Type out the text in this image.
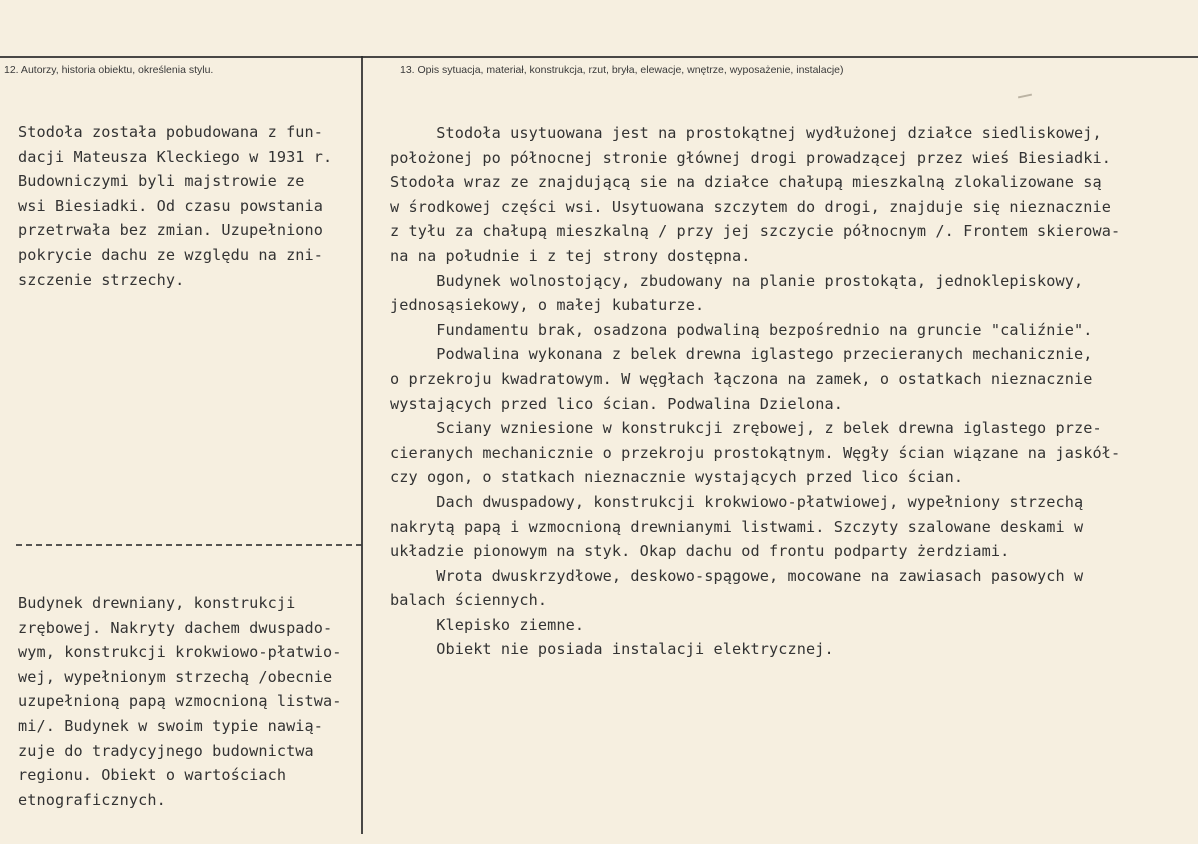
12. Autorzy, historia obiektu, określenia stylu.	13. Opis sytuacja, materiał, konstrukcja, rzut, bryła, elewacje, wnętrze, wyposażenie, instalacje)
Stodoła została pobudowana z fun-
dacji Mateusza Kleckiego w 1931 r.
Budowniczymi byli majstrowie ze
wsi Biesiadki. Od czasu powstania
przetrwała bez zmian. Uzupełniono
pokrycie dachu ze względu na zni-
szczenie strzechy.
Budynek drewniany, konstrukcji
zrębowej. Nakryty dachem dwuspado-
wym, konstrukcji krokwiowo-płatwio-
wej, wypełnionym strzechą /obecnie
uzupełnioną papą wzmocnioną listwa-
mi/. Budynek w swoim typie nawią-
zuje do tradycyjnego budownictwa
regionu. Obiekt o wartościach
etnograficznych.
Stodoła usytuowana jest na prostokątnej wydłużonej działce siedliskowej,
położonej po północnej stronie głównej drogi prowadzącej przez wieś Biesiadki.
Stodoła wraz ze znajdującą sie na działce chałupą mieszkalną zlokalizowane są
w środkowej części wsi. Usytuowana szczytem do drogi, znajduje się nieznacznie
z tyłu za chałupą mieszkalną / przy jej szczycie północnym /. Frontem skierowa-
na na południe i z tej strony dostępna.
Budynek wolnostojący, zbudowany na planie prostokąta, jednoklepiskowy,
jednosąsiekowy, o małej kubaturze.
Fundamentu brak, osadzona podwaliną bezpośrednio na gruncie "caliźnie".
Podwalina wykonana z belek drewna iglastego przecieranych mechanicznie,
o przekroju kwadratowym. W węgłach łączona na zamek, o ostatkach nieznacznie
wystających przed lico ścian. Podwalina Dzielona.
Sciany wzniesione w konstrukcji zrębowej, z belek drewna iglastego prze-
cieranych mechanicznie o przekroju prostokątnym. Węgły ścian wiązane na jaskół-
czy ogon, o statkach nieznacznie wystających przed lico ścian.
Dach dwuspadowy, konstrukcji krokwiowo-płatwiowej, wypełniony strzechą
nakrytą papą i wzmocnioną drewnianymi listwami. Szczyty szalowane deskami w
układzie pionowym na styk. Okap dachu od frontu podparty żerdziami.
Wrota dwuskrzydłowe, deskowo-spągowe, mocowane na zawiasach pasowych w
balach ściennych.
Klepisko ziemne.
Obiekt nie posiada instalacji elektrycznej.
